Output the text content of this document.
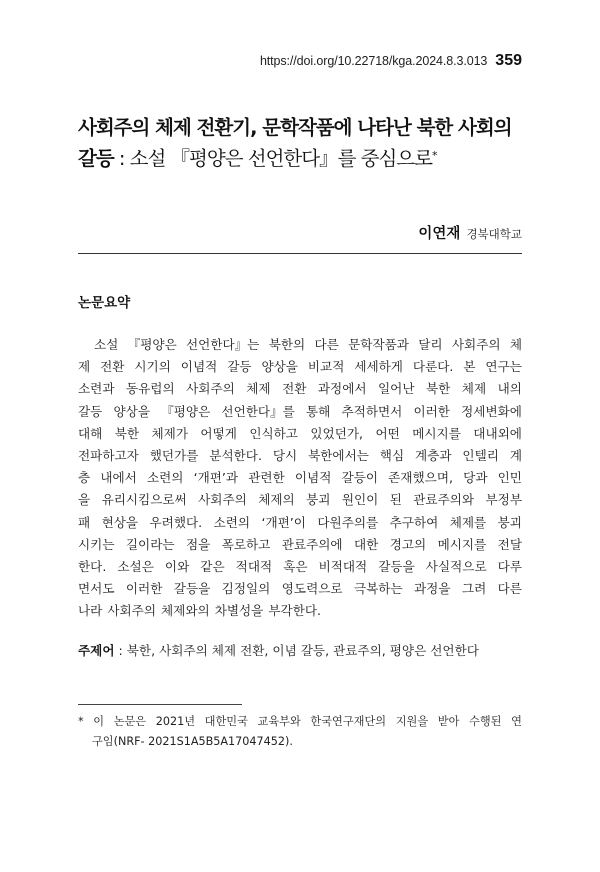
https://doi.org/10.22718/kga.2024.8.3.013 359
사회주의 체제 전환기, 문학작품에 나타난 북한 사회의
갈등 : 소설 『평양은 선언한다』를 중심으로*
이연재 경북대학교
논문요약
소설 『평양은 선언한다』는 북한의 다른 문학작품과 달리 사회주의 체
제 전환 시기의 이념적 갈등 양상을 비교적 세세하게 다룬다. 본 연구는
소련과 동유럽의 사회주의 체제 전환 과정에서 일어난 북한 체제 내의
갈등 양상을 『평양은 선언한다』를 통해 추적하면서 이러한 정세변화에
대해 북한 체제가 어떻게 인식하고 있었던가, 어떤 메시지를 대내외에
전파하고자 했던가를 분석한다. 당시 북한에서는 핵심 계층과 인텔리 계
층 내에서 소련의 ‘개편’과 관련한 이념적 갈등이 존재했으며, 당과 인민
을 유리시킴으로써 사회주의 체제의 붕괴 원인이 된 관료주의와 부정부
패 현상을 우려했다. 소련의 ‘개편’이 다원주의를 추구하여 체제를 붕괴
시키는 길이라는 점을 폭로하고 관료주의에 대한 경고의 메시지를 전달
한다. 소설은 이와 같은 적대적 혹은 비적대적 갈등을 사실적으로 다루
면서도 이러한 갈등을 김정일의 영도력으로 극복하는 과정을 그려 다른
나라 사회주의 체제와의 차별성을 부각한다.
주제어 : 북한, 사회주의 체제 전환, 이념 갈등, 관료주의, 평양은 선언한다
* 이 논문은 2021년 대한민국 교육부와 한국연구재단의 지원을 받아 수행된 연
구임(NRF- 2021S1A5B5A17047452).
